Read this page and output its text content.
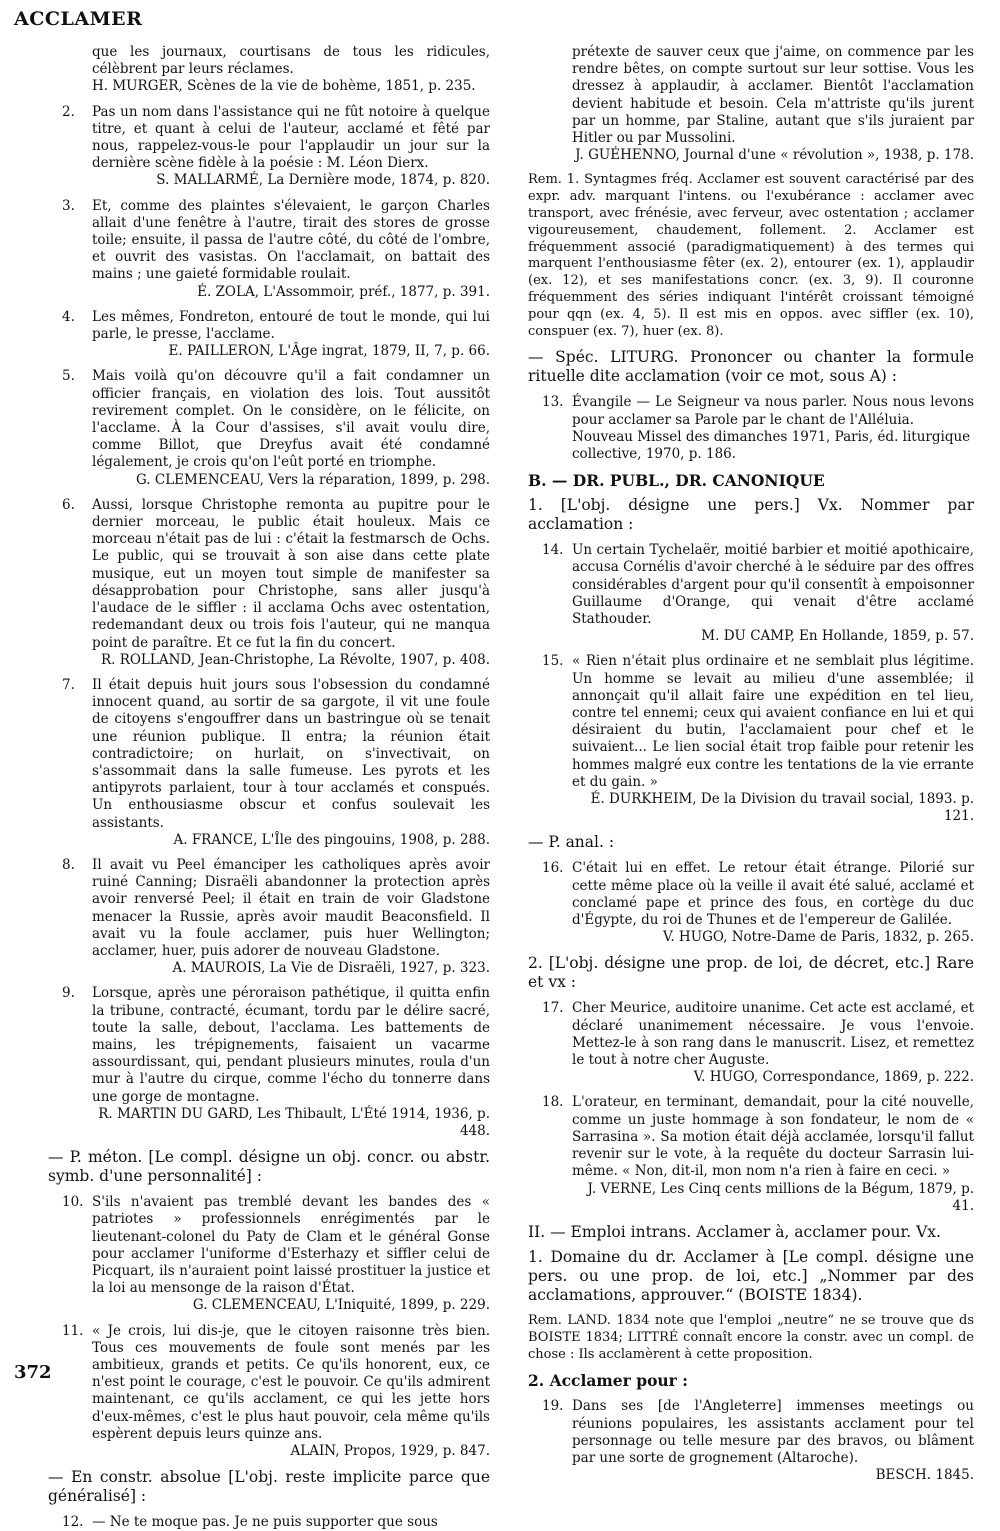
ACCLAMER

que les journaux, courtisans de tous les ridicules, célèbrent par leurs réclames.

H. MURGER, Scènes de la vie de bohème, 1851, p. 235.

2. Pas un nom dans l'assistance qui ne fût notoire à quelque titre, et quant à celui de l'auteur, acclamé et fêté par nous, rappelez-vous-le pour l'applaudir un jour sur la dernière scène fidèle à la poésie : M. Léon Dierx.

S. MALLARMÉ, La Dernière mode, 1874, p. 820.

3. Et, comme des plaintes s'élevaient, le garçon Charles allait d'une fenêtre à l'autre, tirait des stores de grosse toile; ensuite, il passa de l'autre côté, du côté de l'ombre, et ouvrit des vasistas. On l'acclamait, on battait des mains ; une gaieté formidable roulait.

É. ZOLA, L'Assommoir, préf., 1877, p. 391.

4. Les mêmes, Fondreton, entouré de tout le monde, qui lui parle, le presse, l'acclame.

E. PAILLERON, L'Âge ingrat, 1879, II, 7, p. 66.

5. Mais voilà qu'on découvre qu'il a fait condamner un officier français, en violation des lois. Tout aussitôt revirement complet. On le considère, on le félicite, on l'acclame. À la Cour d'assises, s'il avait voulu dire, comme Billot, que Dreyfus avait été condamné légalement, je crois qu'on l'eût porté en triomphe.

G. CLEMENCEAU, Vers la réparation, 1899, p. 298.

6. Aussi, lorsque Christophe remonta au pupitre pour le dernier morceau, le public était houleux. Mais ce morceau n'était pas de lui : c'était la festmarsch de Ochs. Le public, qui se trouvait à son aise dans cette plate musique, eut un moyen tout simple de manifester sa désapprobation pour Christophe, sans aller jusqu'à l'audace de le siffler : il acclama Ochs avec ostentation, redemandant deux ou trois fois l'auteur, qui ne manqua point de paraître. Et ce fut la fin du concert.

R. ROLLAND, Jean-Christophe, La Révolte, 1907, p. 408.

7. Il était depuis huit jours sous l'obsession du condamné innocent quand, au sortir de sa gargote, il vit une foule de citoyens s'engouffrer dans un bastringue où se tenait une réunion publique. Il entra; la réunion était contradictoire; on hurlait, on s'invectivait, on s'assommait dans la salle fumeuse. Les pyrots et les antipyrots parlaient, tour à tour acclamés et conspués. Un enthousiasme obscur et confus soulevait les assistants.

A. FRANCE, L'Île des pingouins, 1908, p. 288.

8. Il avait vu Peel émanciper les catholiques après avoir ruiné Canning; Disraëli abandonner la protection après avoir renversé Peel; il était en train de voir Gladstone menacer la Russie, après avoir maudit Beaconsfield. Il avait vu la foule acclamer, puis huer Wellington; acclamer, huer, puis adorer de nouveau Gladstone.

A. MAUROIS, La Vie de Disraëli, 1927, p. 323.

9. Lorsque, après une péroraison pathétique, il quitta enfin la tribune, contracté, écumant, tordu par le délire sacré, toute la salle, debout, l'acclama. Les battements de mains, les trépignements, faisaient un vacarme assourdissant, qui, pendant plusieurs minutes, roula d'un mur à l'autre du cirque, comme l'écho du tonnerre dans une gorge de montagne.

R. MARTIN DU GARD, Les Thibault, L'Été 1914, 1936, p. 448.

— P. méton. [Le compl. désigne un obj. concr. ou abstr. symb. d'une personnalité] :
10. S'ils n'avaient pas tremblé devant les bandes des « patriotes » professionnels enrégimentés par le lieutenant-colonel du Paty de Clam et le général Gonse pour acclamer l'uniforme d'Esterhazy et siffler celui de Picquart, ils n'auraient point laissé prostituer la justice et la loi au mensonge de la raison d'État.

G. CLEMENCEAU, L'Iniquité, 1899, p. 229.

11. « Je crois, lui dis-je, que le citoyen raisonne très bien. Tous ces mouvements de foule sont menés par les ambitieux, grands et petits. Ce qu'ils honorent, eux, ce n'est point le courage, c'est le pouvoir. Ce qu'ils admirent maintenant, ce qu'ils acclament, ce qui les jette hors d'eux-mêmes, c'est le plus haut pouvoir, cela même qu'ils espèrent depuis leurs quinze ans.

ALAIN, Propos, 1929, p. 847.

— En constr. absolue [L'obj. reste implicite parce que généralisé] :
12. — Ne te moque pas. Je ne puis supporter que sous

prétexte de sauver ceux que j'aime, on commence par les rendre bêtes, on compte surtout sur leur sottise. Vous les dressez à applaudir, à acclamer. Bientôt l'acclamation devient habitude et besoin. Cela m'attriste qu'ils jurent par un homme, par Staline, autant que s'ils juraient par Hitler ou par Mussolini.

J. GUÉHENNO, Journal d'une « révolution », 1938, p. 178.

Rem. 1. Syntagmes fréq. Acclamer est souvent caractérisé par des expr. adv. marquant l'intens. ou l'exubérance : acclamer avec transport, avec frénésie, avec ferveur, avec ostentation ; acclamer vigoureusement, chaudement, follement. 2. Acclamer est fréquemment associé (paradigmatiquement) à des termes qui marquent l'enthousiasme fêter (ex. 2), entourer (ex. 1), applaudir (ex. 12), et ses manifestations concr. (ex. 3, 9). Il couronne fréquemment des séries indiquant l'intérêt croissant témoigné pour qqn (ex. 4, 5). Il est mis en oppos. avec siffler (ex. 10), conspuer (ex. 7), huer (ex. 8).
— Spéc. LITURG. Prononcer ou chanter la formule rituelle dite acclamation (voir ce mot, sous A) :
13. Évangile — Le Seigneur va nous parler. Nous nous levons pour acclamer sa Parole par le chant de l'Alléluia.

Nouveau Missel des dimanches 1971, Paris, éd. liturgique collective, 1970, p. 186.

B. — DR. PUBL., DR. CANONIQUE
1. [L'obj. désigne une pers.] Vx. Nommer par acclamation :
14. Un certain Tychelaër, moitié barbier et moitié apothicaire, accusa Cornélis d'avoir cherché à le séduire par des offres considérables d'argent pour qu'il consentît à empoisonner Guillaume d'Orange, qui venait d'être acclamé Stathouder.

M. DU CAMP, En Hollande, 1859, p. 57.

15. « Rien n'était plus ordinaire et ne semblait plus légitime. Un homme se levait au milieu d'une assemblée; il annonçait qu'il allait faire une expédition en tel lieu, contre tel ennemi; ceux qui avaient confiance en lui et qui désiraient du butin, l'acclamaient pour chef et le suivaient... Le lien social était trop faible pour retenir les hommes malgré eux contre les tentations de la vie errante et du gain. »

É. DURKHEIM, De la Division du travail social, 1893. p. 121.

— P. anal. :
16. C'était lui en effet. Le retour était étrange. Pilorié sur cette même place où la veille il avait été salué, acclamé et conclamé pape et prince des fous, en cortège du duc d'Égypte, du roi de Thunes et de l'empereur de Galilée.

V. HUGO, Notre-Dame de Paris, 1832, p. 265.

2. [L'obj. désigne une prop. de loi, de décret, etc.] Rare et vx :
17. Cher Meurice, auditoire unanime. Cet acte est acclamé, et déclaré unanimement nécessaire. Je vous l'envoie. Mettez-le à son rang dans le manuscrit. Lisez, et remettez le tout à notre cher Auguste.

V. HUGO, Correspondance, 1869, p. 222.

18. L'orateur, en terminant, demandait, pour la cité nouvelle, comme un juste hommage à son fondateur, le nom de « Sarrasina ». Sa motion était déjà acclamée, lorsqu'il fallut revenir sur le vote, à la requête du docteur Sarrasin lui-même. « Non, dit-il, mon nom n'a rien à faire en ceci. »

J. VERNE, Les Cinq cents millions de la Bégum, 1879, p. 41.

II. — Emploi intrans. Acclamer à, acclamer pour. Vx.
1. Domaine du dr. Acclamer à [Le compl. désigne une pers. ou une prop. de loi, etc.] „Nommer par des acclamations, approuver.“ (BOISTE 1834).
Rem. LAND. 1834 note que l'emploi „neutre“ ne se trouve que ds BOISTE 1834; LITTRÉ connaît encore la constr. avec un compl. de chose : Ils acclamèrent à cette proposition.
2. Acclamer pour :
19. Dans ses [de l'Angleterre] immenses meetings ou réunions populaires, les assistants acclament pour tel personnage ou telle mesure par des bravos, ou blâment par une sorte de grognement (Altaroche).

BESCH. 1845.

372
